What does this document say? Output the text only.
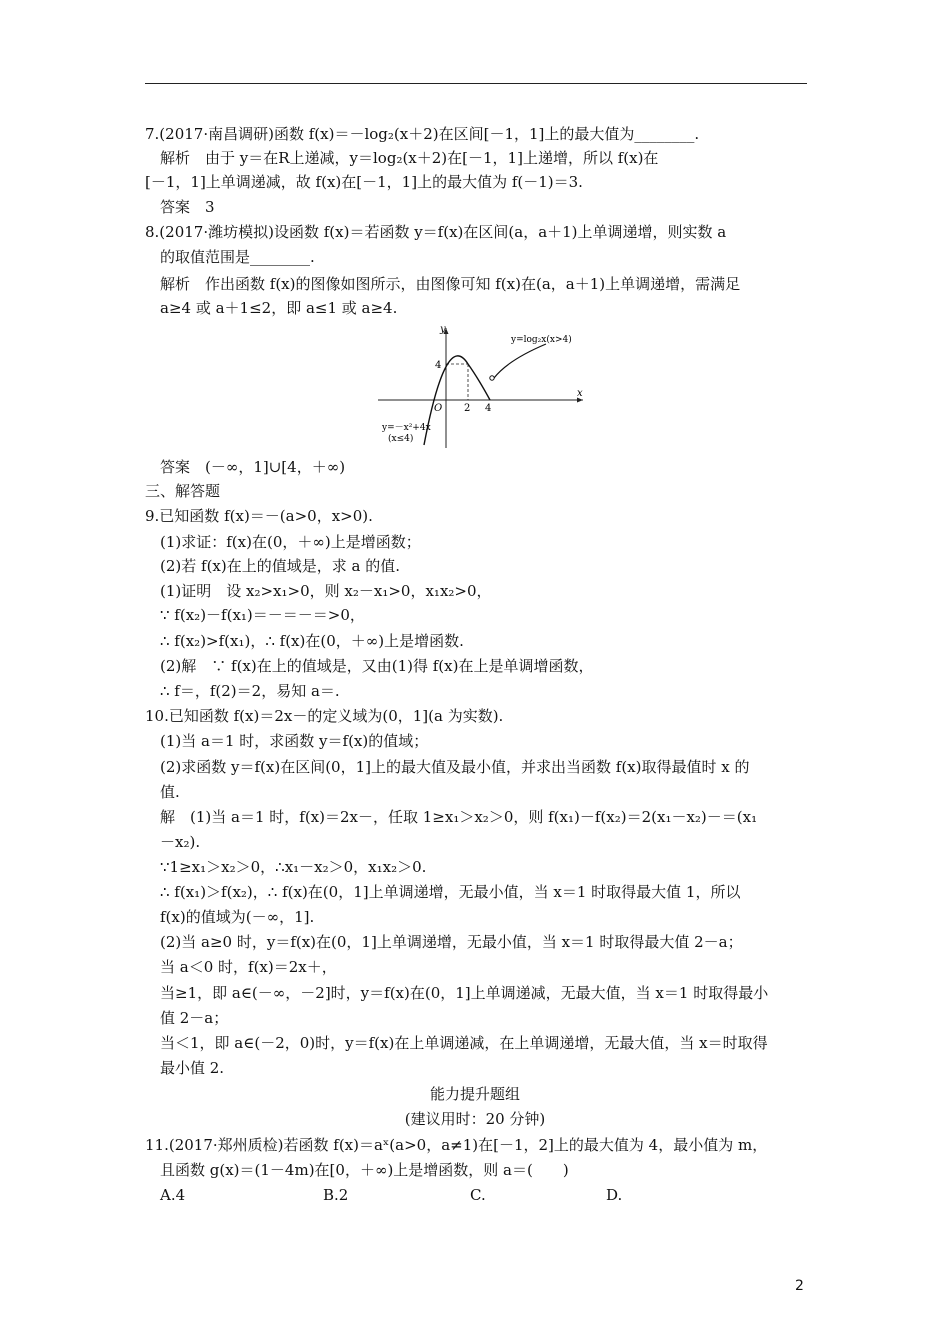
7.(2017·南昌调研)函数 f(x)＝－log₂(x＋2)在区间[－1，1]上的最大值为________.
解析　由于 y＝在R上递减，y＝log₂(x＋2)在[－1，1]上递增，所以 f(x)在
[－1，1]上单调递减，故 f(x)在[－1，1]上的最大值为 f(－1)＝3.
答案　3
8.(2017·潍坊模拟)设函数 f(x)＝若函数 y＝f(x)在区间(a，a＋1)上单调递增，则实数 a
的取值范围是________.
解析　作出函数 f(x)的图像如图所示，由图像可知 f(x)在(a，a＋1)上单调递增，需满足
a≥4 或 a＋1≤2，即 a≤1 或 a≥4.
y
x
O 2 4
4
y=log₂x(x>4)
y=－x²+4x
(x≤4)
答案　(－∞，1]∪[4，＋∞)
三、解答题
9.已知函数 f(x)＝－(a>0，x>0).
(1)求证：f(x)在(0，＋∞)上是增函数；
(2)若 f(x)在上的值域是，求 a 的值.
(1)证明　设 x₂>x₁>0，则 x₂－x₁>0，x₁x₂>0，
∵ f(x₂)－f(x₁)＝－＝－＝>0，
∴ f(x₂)>f(x₁)，∴ f(x)在(0，＋∞)上是增函数.
(2)解　∵ f(x)在上的值域是，又由(1)得 f(x)在上是单调增函数，
∴ f＝，f(2)＝2，易知 a＝.
10.已知函数 f(x)＝2x－的定义域为(0，1](a 为实数).
(1)当 a＝1 时，求函数 y＝f(x)的值域；
(2)求函数 y＝f(x)在区间(0，1]上的最大值及最小值，并求出当函数 f(x)取得最值时 x 的
值.
解　(1)当 a＝1 时，f(x)＝2x－，任取 1≥x₁＞x₂＞0，则 f(x₁)－f(x₂)＝2(x₁－x₂)－＝(x₁
－x₂).
∵1≥x₁＞x₂＞0，∴x₁－x₂＞0，x₁x₂＞0.
∴ f(x₁)＞f(x₂)，∴ f(x)在(0，1]上单调递增，无最小值，当 x＝1 时取得最大值 1，所以
f(x)的值域为(－∞，1].
(2)当 a≥0 时，y＝f(x)在(0，1]上单调递增，无最小值，当 x＝1 时取得最大值 2－a；
当 a＜0 时，f(x)＝2x＋，
当≥1，即 a∈(－∞，－2]时，y＝f(x)在(0，1]上单调递减，无最大值，当 x＝1 时取得最小
值 2－a；
当＜1，即 a∈(－2，0)时，y＝f(x)在上单调递减，在上单调递增，无最大值，当 x＝时取得
最小值 2.
能力提升题组
(建议用时：20 分钟)
11.(2017·郑州质检)若函数 f(x)＝aˣ(a>0，a≠1)在[－1，2]上的最大值为 4，最小值为 m，
且函数 g(x)＝(1－4m)在[0，＋∞)上是增函数，则 a＝(　　)
A.4	B.2	C.	D.
2
